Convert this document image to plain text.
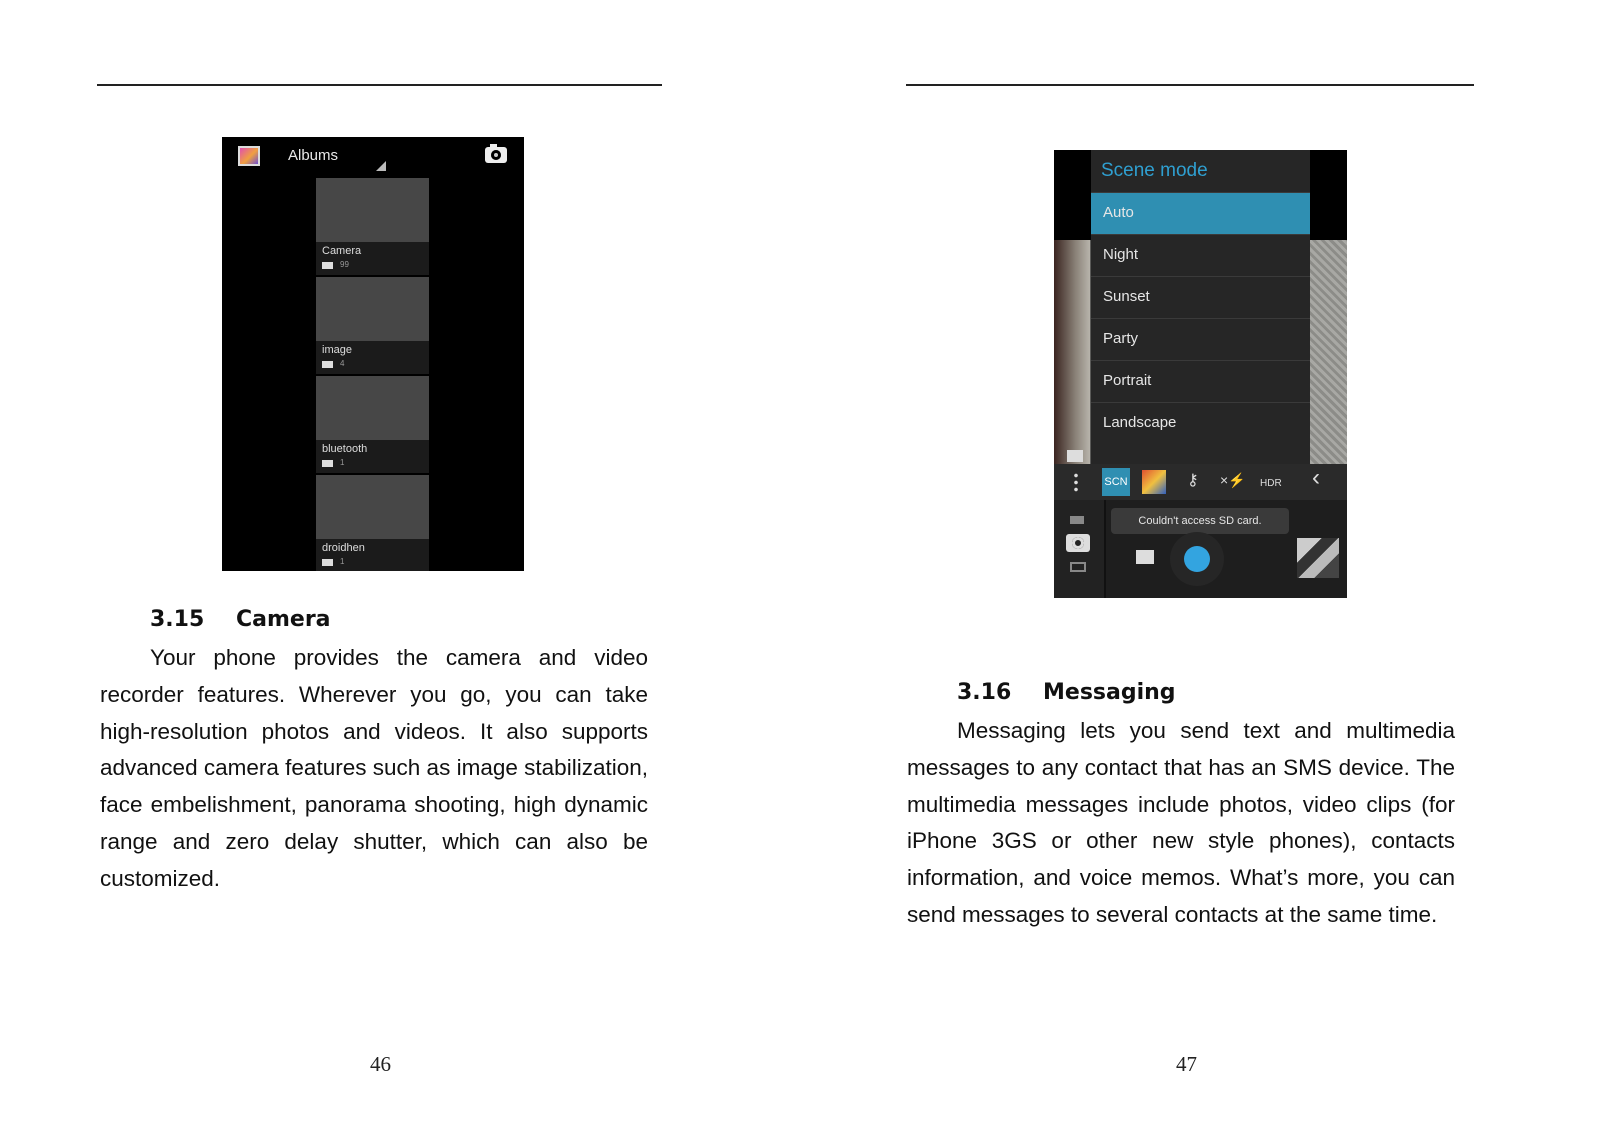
Albums
Camera
99
image
4
bluetooth
1
droidhen
1
3.15 Camera

Your phone provides the camera and video recorder features. Wherever you go, you can take high-resolution photos and videos. It also supports advanced camera features such as image stabilization, face embelishment, panorama shooting, high dynamic range and zero delay shutter, which can also be customized.

46
Scene mode
Auto
Night
Sunset
Party
Portrait
Landscape
SCN	⚷ ×⚡ HDR ‹
Couldn't access SD card.
3.16 Messaging

Messaging lets you send text and multimedia messages to any contact that has an SMS device. The multimedia messages include photos, video clips (for iPhone 3GS or other new style phones), contacts information, and voice memos. What’s more, you can send messages to several contacts at the same time.

47
